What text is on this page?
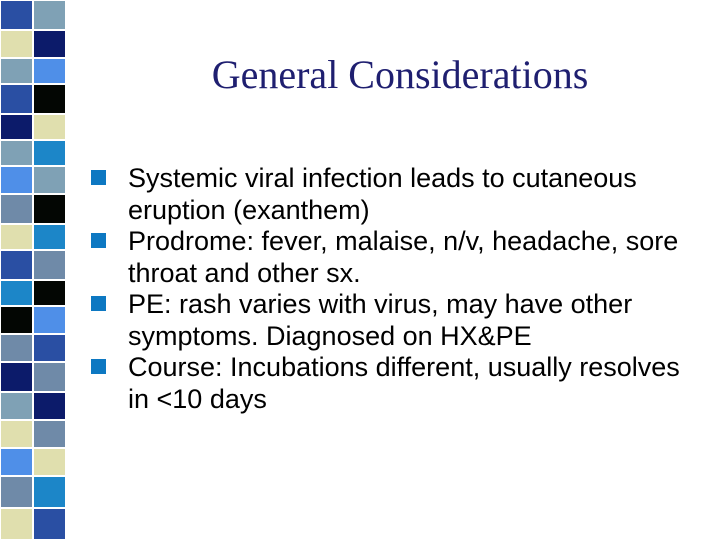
General Considerations
Systemic viral infection leads to cutaneous eruption (exanthem)
Prodrome: fever, malaise, n/v, headache, sore throat and other sx.
PE: rash varies with virus, may have other symptoms. Diagnosed on HX&PE
Course: Incubations different, usually resolves in <10 days
